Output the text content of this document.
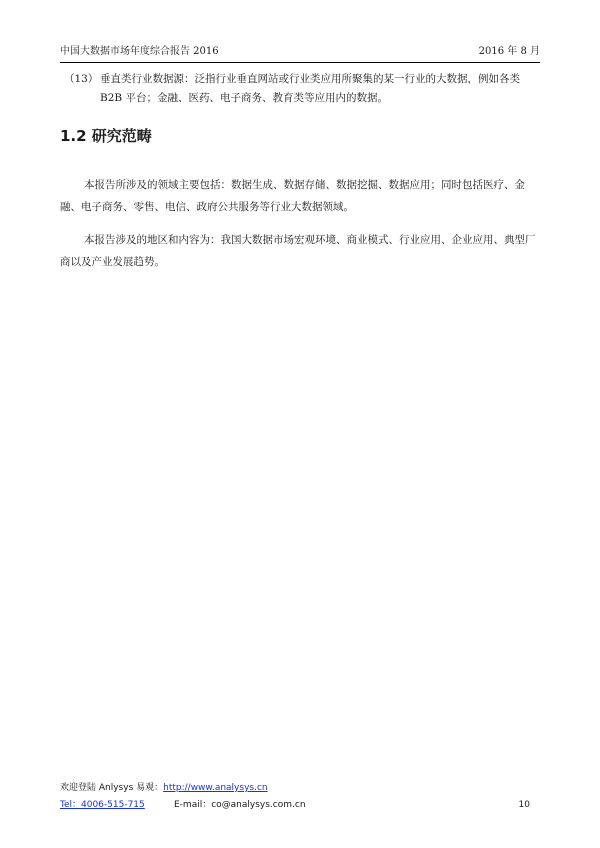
中国大数据市场年度综合报告 2016	2016 年 8 月
（13） 垂直类行业数据源：泛指行业垂直网站或行业类应用所聚集的某一行业的大数据，例如各类 B2B 平台；金融、医药、电子商务、教育类等应用内的数据。
1.2 研究范畴
本报告所涉及的领域主要包括：数据生成、数据存储、数据挖掘、数据应用；同时包括医疗、金融、电子商务、零售、电信、政府公共服务等行业大数据领域。
本报告涉及的地区和内容为：我国大数据市场宏观环境、商业模式、行业应用、企业应用、典型厂商以及产业发展趋势。
欢迎登陆 Anlysys 易观：http://www.analysys.cn
Tel：4006-515-715	E-mail：co@analysys.com.cn	10
